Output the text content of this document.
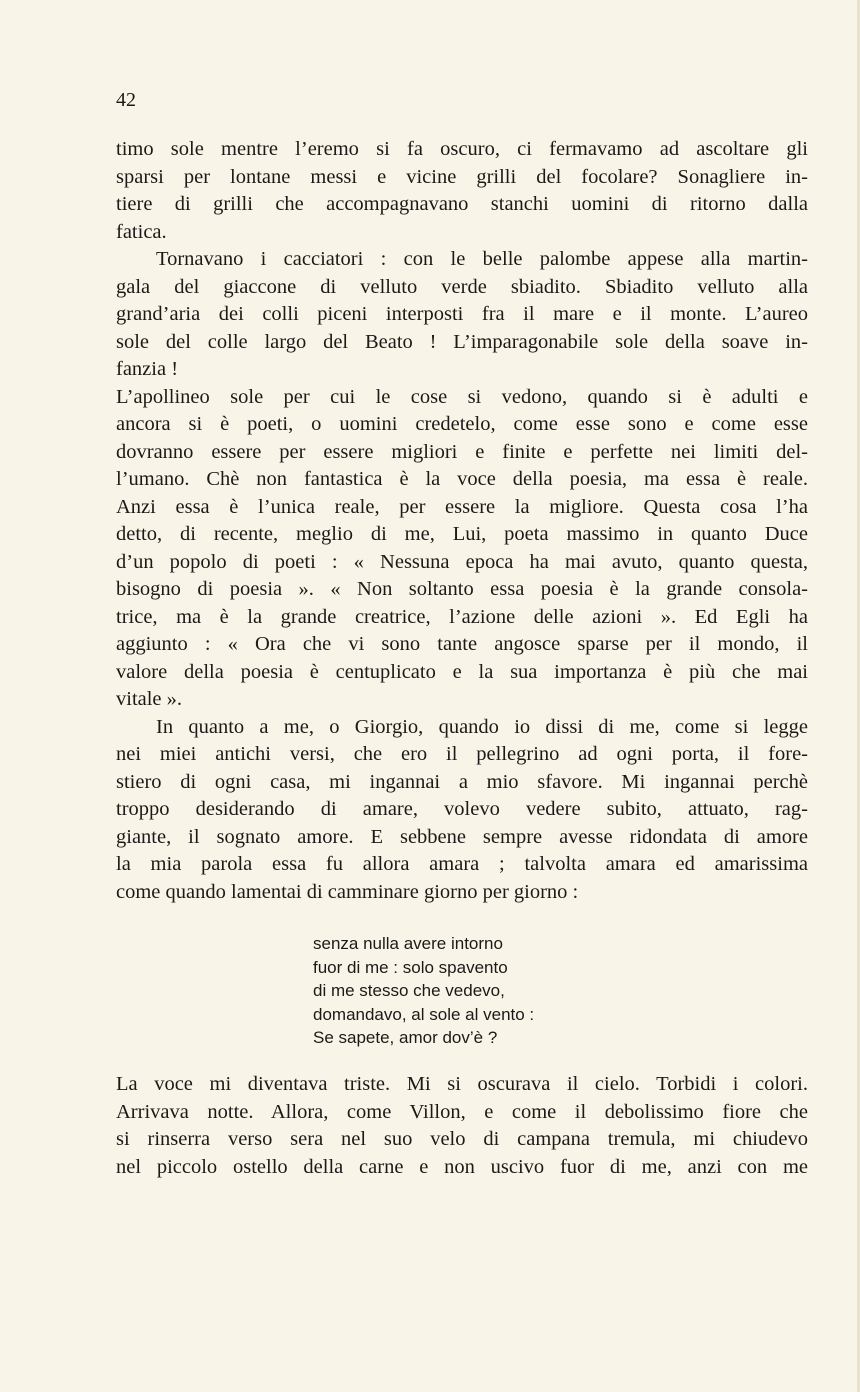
42
timo sole mentre l’eremo si fa oscuro, ci fermavamo ad ascoltare gli
sparsi per lontane messi e vicine grilli del focolare? Sonagliere in-
tiere di grilli che accompagnavano stanchi uomini di ritorno dalla
fatica.
Tornavano i cacciatori : con le belle palombe appese alla martin-
gala del giaccone di velluto verde sbiadito. Sbiadito velluto alla
grand’aria dei colli piceni interposti fra il mare e il monte. L’aureo
sole del colle largo del Beato ! L’imparagonabile sole della soave in-
fanzia !
L’apollineo sole per cui le cose si vedono, quando si è adulti e
ancora si è poeti, o uomini credetelo, come esse sono e come esse
dovranno essere per essere migliori e finite e perfette nei limiti del-
l’umano. Chè non fantastica è la voce della poesia, ma essa è reale.
Anzi essa è l’unica reale, per essere la migliore. Questa cosa l’ha
detto, di recente, meglio di me, Lui, poeta massimo in quanto Duce
d’un popolo di poeti : « Nessuna epoca ha mai avuto, quanto questa,
bisogno di poesia ». « Non soltanto essa poesia è la grande consola-
trice, ma è la grande creatrice, l’azione delle azioni ». Ed Egli ha
aggiunto : « Ora che vi sono tante angosce sparse per il mondo, il
valore della poesia è centuplicato e la sua importanza è più che mai
vitale ».
In quanto a me, o Giorgio, quando io dissi di me, come si legge
nei miei antichi versi, che ero il pellegrino ad ogni porta, il fore-
stiero di ogni casa, mi ingannai a mio sfavore. Mi ingannai perchè
troppo desiderando di amare, volevo vedere subito, attuato, rag-
giante, il sognato amore. E sebbene sempre avesse ridondata di amore
la mia parola essa fu allora amara ; talvolta amara ed amarissima
come quando lamentai di camminare giorno per giorno :
senza nulla avere intorno
fuor di me : solo spavento
di me stesso che vedevo,
domandavo, al sole al vento :
Se sapete, amor dov’è ?
La voce mi diventava triste. Mi si oscurava il cielo. Torbidi i colori.
Arrivava notte. Allora, come Villon, e come il debolissimo fiore che
si rinserra verso sera nel suo velo di campana tremula, mi chiudevo
nel piccolo ostello della carne e non uscivo fuor di me, anzi con me
